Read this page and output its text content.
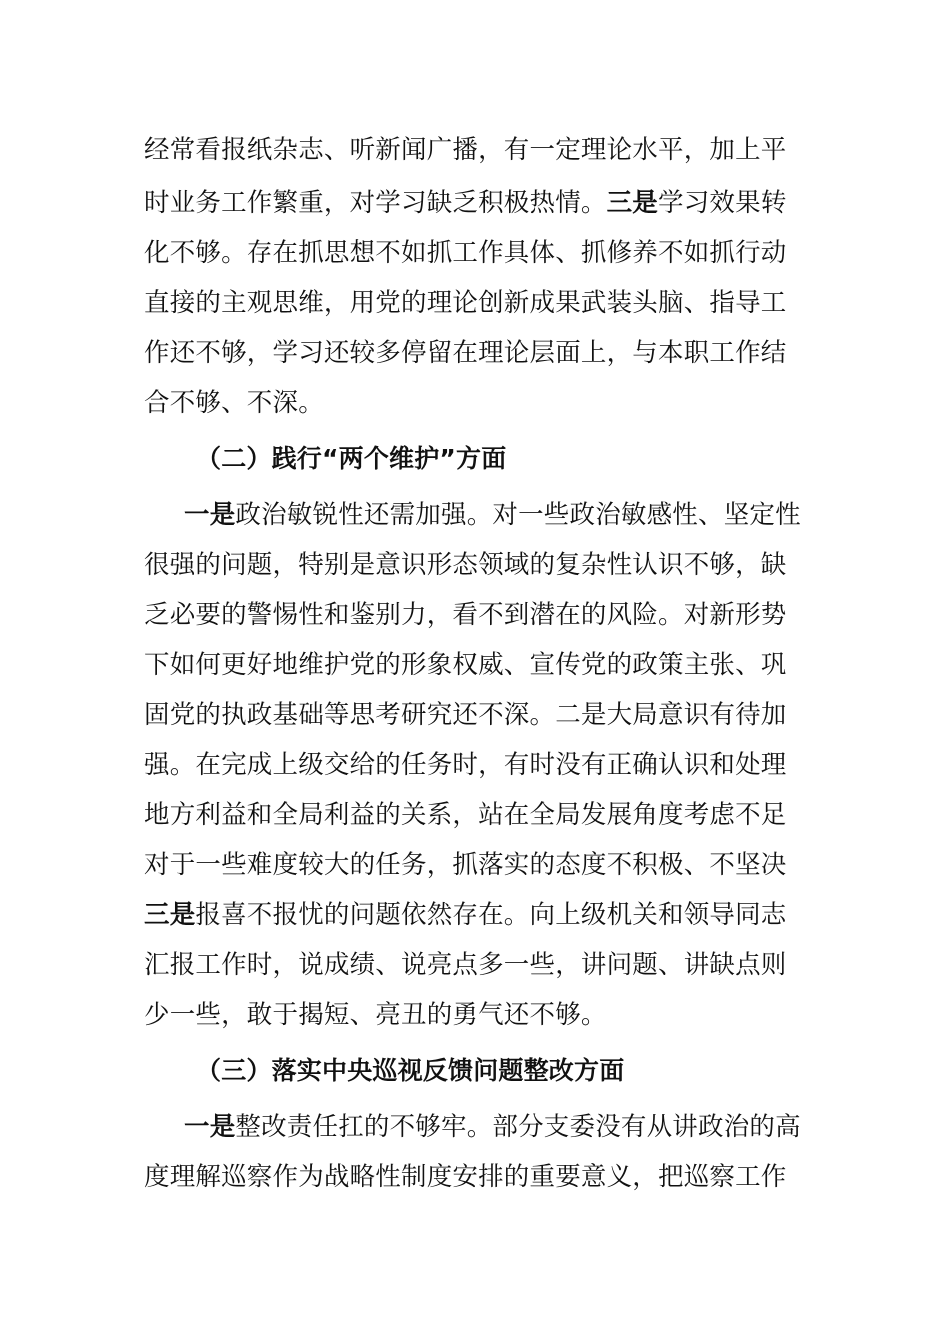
经常看报纸杂志、听新闻广播，有一定理论水平，加上平
时业务工作繁重，对学习缺乏积极热情。三是学习效果转
化不够。存在抓思想不如抓工作具体、抓修养不如抓行动
直接的主观思维，用党的理论创新成果武装头脑、指导工
作还不够，学习还较多停留在理论层面上，与本职工作结
合不够、不深。
（二）践行“两个维护”方面
一是政治敏锐性还需加强。对一些政治敏感性、坚定性
很强的问题，特别是意识形态领域的复杂性认识不够，缺
乏必要的警惕性和鉴别力，看不到潜在的风险。对新形势
下如何更好地维护党的形象权威、宣传党的政策主张、巩
固党的执政基础等思考研究还不深。二是大局意识有待加
强。在完成上级交给的任务时，有时没有正确认识和处理
地方利益和全局利益的关系，站在全局发展角度考虑不足
对于一些难度较大的任务，抓落实的态度不积极、不坚决
三是报喜不报忧的问题依然存在。向上级机关和领导同志
汇报工作时，说成绩、说亮点多一些，讲问题、讲缺点则
少一些，敢于揭短、亮丑的勇气还不够。
（三）落实中央巡视反馈问题整改方面
一是整改责任扛的不够牢。部分支委没有从讲政治的高
度理解巡察作为战略性制度安排的重要意义，把巡察工作
